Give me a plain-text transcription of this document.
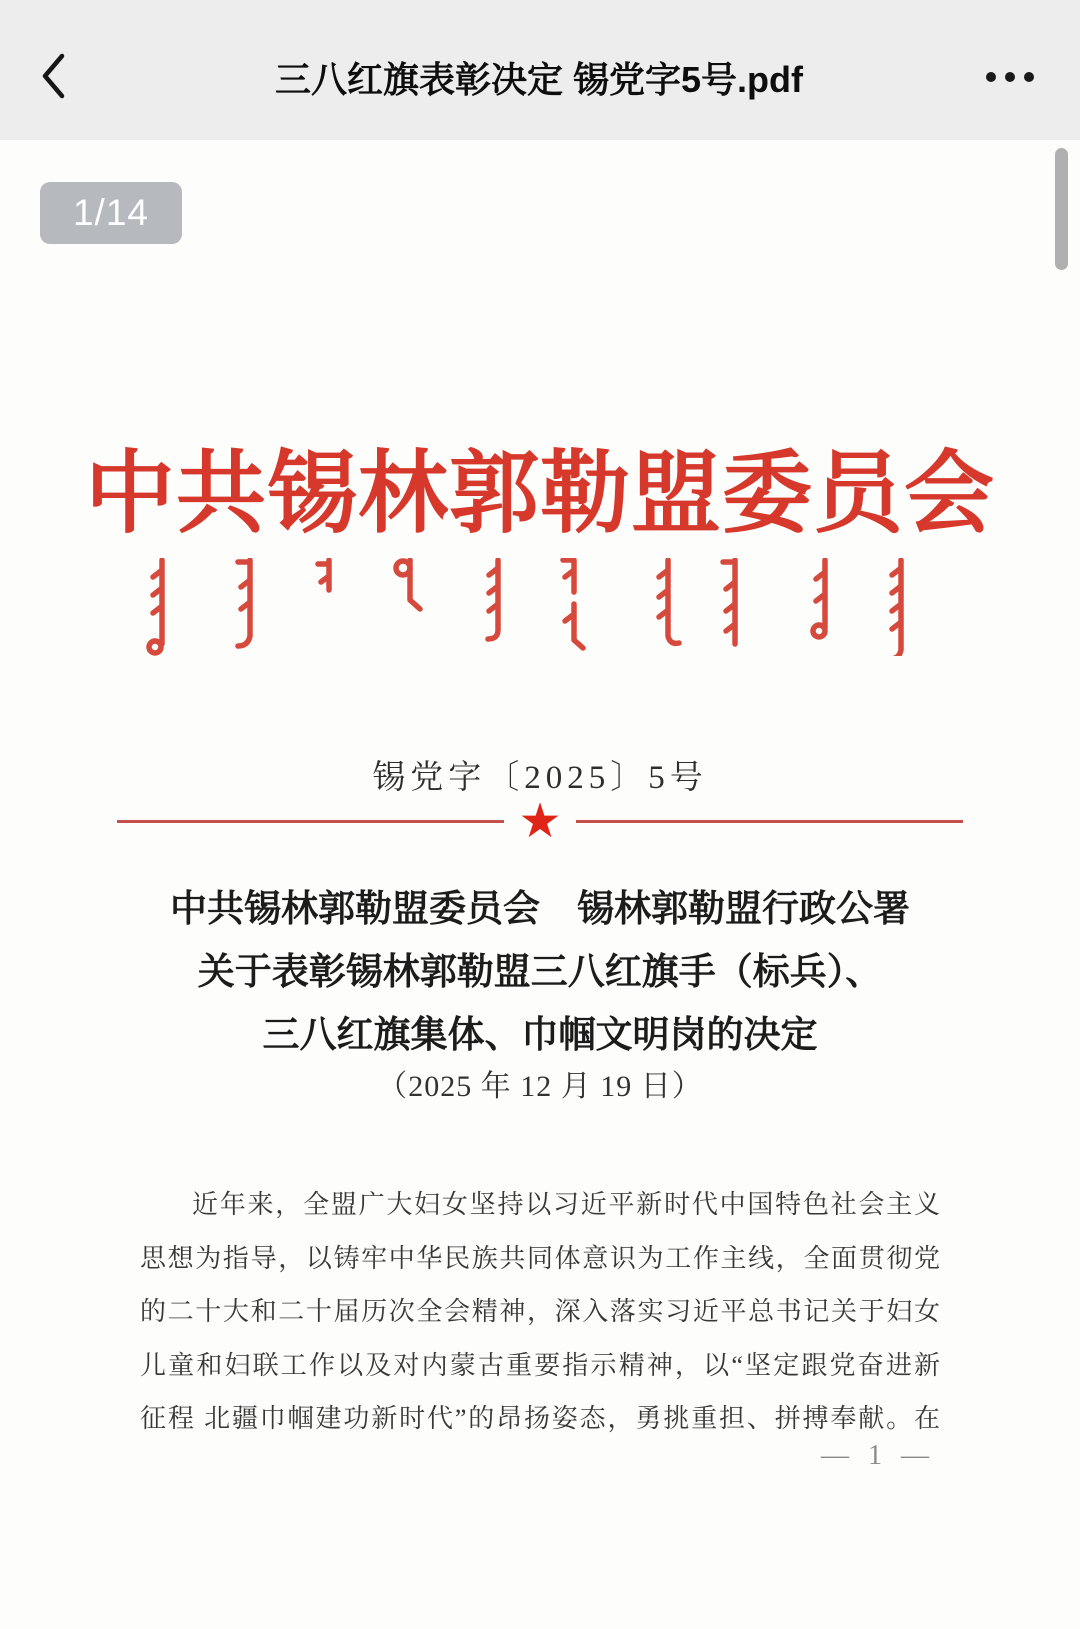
三八红旗表彰决定 锡党字5号.pdf
1/14
中共锡林郭勒盟委员会
锡党字〔2025〕5号
★
中共锡林郭勒盟委员会　锡林郭勒盟行政公署
关于表彰锡林郭勒盟三八红旗手（标兵）、
三八红旗集体、巾帼文明岗的决定
（2025 年 12 月 19 日）
近年来，全盟广大妇女坚持以习近平新时代中国特色社会主义
思想为指导，以铸牢中华民族共同体意识为工作主线，全面贯彻党
的二十大和二十届历次全会精神，深入落实习近平总书记关于妇女
儿童和妇联工作以及对内蒙古重要指示精神，以“坚定跟党奋进新
征程 北疆巾帼建功新时代”的昂扬姿态，勇挑重担、拼搏奉献。在
— 1 —
